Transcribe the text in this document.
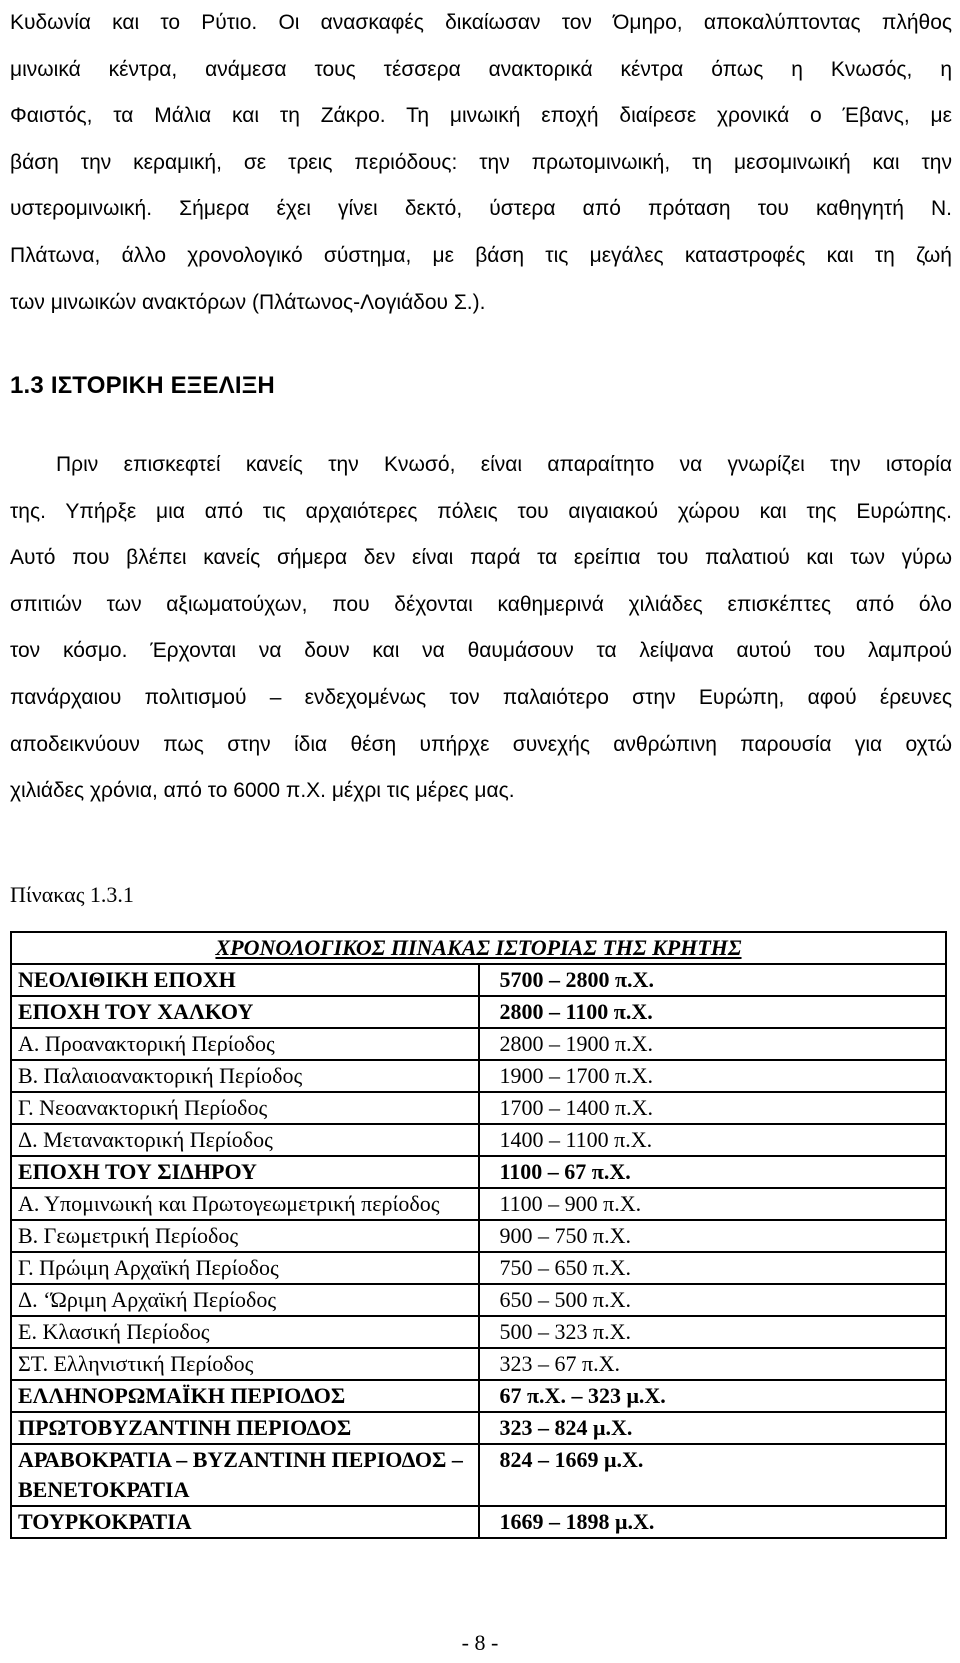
Κυδωνία και το Ρύτιο. Οι ανασκαφές δικαίωσαν τον Όμηρο, αποκαλύπτοντας πλήθος
μινωικά κέντρα, ανάμεσα τους τέσσερα ανακτορικά κέντρα όπως η Κνωσός, η
Φαιστός, τα Μάλια και τη Ζάκρο. Τη μινωική εποχή διαίρεσε χρονικά ο Έβανς, με
βάση την κεραμική, σε τρεις περιόδους: την πρωτομινωική, τη μεσομινωική και την
υστερομινωική. Σήμερα έχει γίνει δεκτό, ύστερα από πρόταση του καθηγητή Ν.
Πλάτωνα, άλλο χρονολογικό σύστημα, με βάση τις μεγάλες καταστροφές και τη ζωή
των μινωικών ανακτόρων (Πλάτωνος-Λογιάδου Σ.).
1.3 ΙΣΤΟΡΙΚΗ ΕΞΕΛΙΞΗ
Πριν επισκεφτεί κανείς την Κνωσό, είναι απαραίτητο να γνωρίζει την ιστορία
της. Υπήρξε μια από τις αρχαιότερες πόλεις του αιγαιακού χώρου και της Ευρώπης.
Αυτό που βλέπει κανείς σήμερα δεν είναι παρά τα ερείπια του παλατιού και των γύρω
σπιτιών των αξιωματούχων, που δέχονται καθημερινά χιλιάδες επισκέπτες από όλο
τον κόσμο. Έρχονται να δουν και να θαυμάσουν τα λείψανα αυτού του λαμπρού
πανάρχαιου πολιτισμού – ενδεχομένως τον παλαιότερο στην Ευρώπη, αφού έρευνες
αποδεικνύουν πως στην ίδια θέση υπήρχε συνεχής ανθρώπινη παρουσία για οχτώ
χιλιάδες χρόνια, από το 6000 π.Χ. μέχρι τις μέρες μας.
Πίνακας 1.3.1
ΧΡΟΝΟΛΟΓΙΚΟΣ ΠΙΝΑΚΑΣ ΙΣΤΟΡΙΑΣ ΤΗΣ ΚΡΗΤΗΣ	
ΝΕΟΛΙΘΙΚΗ ΕΠΟΧΗ	5700 – 2800 π.Χ.
ΕΠΟΧΗ ΤΟΥ ΧΑΛΚΟΥ	2800 – 1100 π.Χ.
Α. Προανακτορική Περίοδος	2800 – 1900 π.Χ.
Β. Παλαιοανακτορική Περίοδος	1900 – 1700 π.Χ.
Γ. Νεοανακτορική Περίοδος	1700 – 1400 π.Χ.
Δ. Μετανακτορική Περίοδος	1400 – 1100 π.Χ.
ΕΠΟΧΗ ΤΟΥ ΣΙΔΗΡΟΥ	1100 – 67 π.Χ.
Α. Υπομινωική και Πρωτογεωμετρική περίοδος	1100 – 900 π.Χ.
Β. Γεωμετρική Περίοδος	900 – 750 π.Χ.
Γ. Πρώιμη Αρχαϊκή Περίοδος	750 – 650 π.Χ.
Δ. ‘Ώριμη Αρχαϊκή Περίοδος	650 – 500 π.Χ.
Ε. Κλασική Περίοδος	500 – 323 π.Χ.
ΣΤ. Ελληνιστική Περίοδος	323 – 67 π.Χ.
ΕΛΛΗΝΟΡΩΜΑΪΚΗ ΠΕΡΙΟΔΟΣ	67 π.Χ. – 323 μ.Χ.
ΠΡΩΤΟΒΥΖΑΝΤΙΝΗ ΠΕΡΙΟΔΟΣ	323 – 824 μ.Χ.
ΑΡΑΒΟΚΡΑΤΙΑ – ΒΥΖΑΝΤΙΝΗ ΠΕΡΙΟΔΟΣ – ΒΕΝΕΤΟΚΡΑΤΙΑ	824 – 1669 μ.Χ.
ΤΟΥΡΚΟΚΡΑΤΙΑ	1669 – 1898 μ.Χ.
- 8 -
